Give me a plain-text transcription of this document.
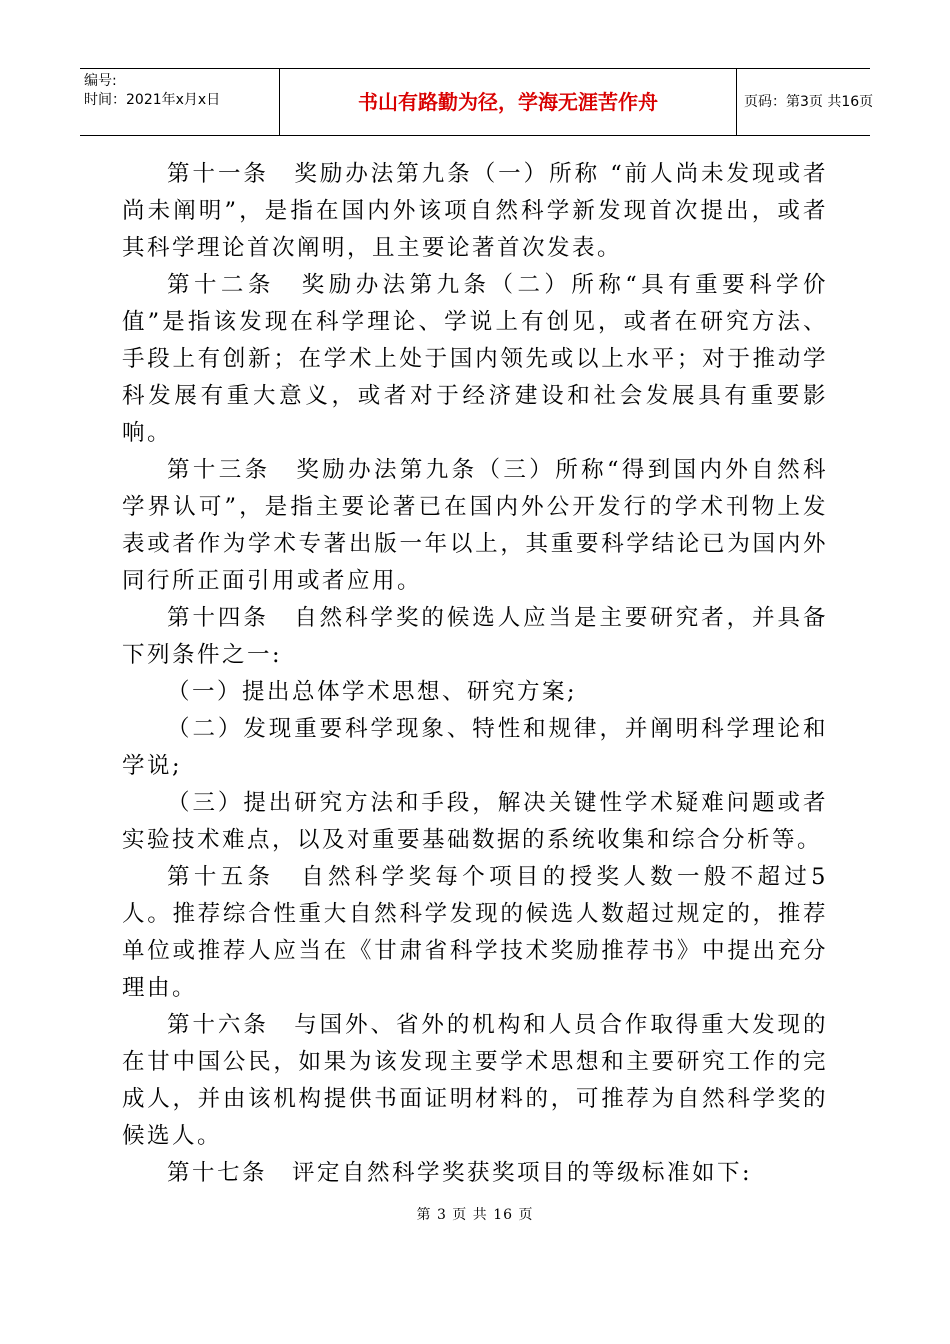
编号:
时间：2021年x月x日	书山有路勤为径，学海无涯苦作舟	页码：第3页 共16页

第十一条　奖励办法第九条（一）所称 “前人尚未发现或者尚未阐明”，是指在国内外该项自然科学新发现首次提出，或者其科学理论首次阐明，且主要论著首次发表。

第十二条　奖励办法第九条（二）所称“具有重要科学价值”是指该发现在科学理论、学说上有创见，或者在研究方法、手段上有创新；在学术上处于国内领先或以上水平；对于推动学科发展有重大意义，或者对于经济建设和社会发展具有重要影响。

第十三条　奖励办法第九条（三）所称“得到国内外自然科学界认可”，是指主要论著已在国内外公开发行的学术刊物上发表或者作为学术专著出版一年以上，其重要科学结论已为国内外同行所正面引用或者应用。

第十四条　自然科学奖的候选人应当是主要研究者，并具备下列条件之一:

（一）提出总体学术思想、研究方案;

（二）发现重要科学现象、特性和规律，并阐明科学理论和学说;

（三）提出研究方法和手段，解决关键性学术疑难问题或者实验技术难点，以及对重要基础数据的系统收集和综合分析等。

第十五条　自然科学奖每个项目的授奖人数一般不超过5人。推荐综合性重大自然科学发现的候选人数超过规定的，推荐单位或推荐人应当在《甘肃省科学技术奖励推荐书》中提出充分理由。

第十六条　与国外、省外的机构和人员合作取得重大发现的在甘中国公民，如果为该发现主要学术思想和主要研究工作的完成人，并由该机构提供书面证明材料的，可推荐为自然科学奖的候选人。

第十七条　评定自然科学奖获奖项目的等级标准如下:

第 3 页 共 16 页
